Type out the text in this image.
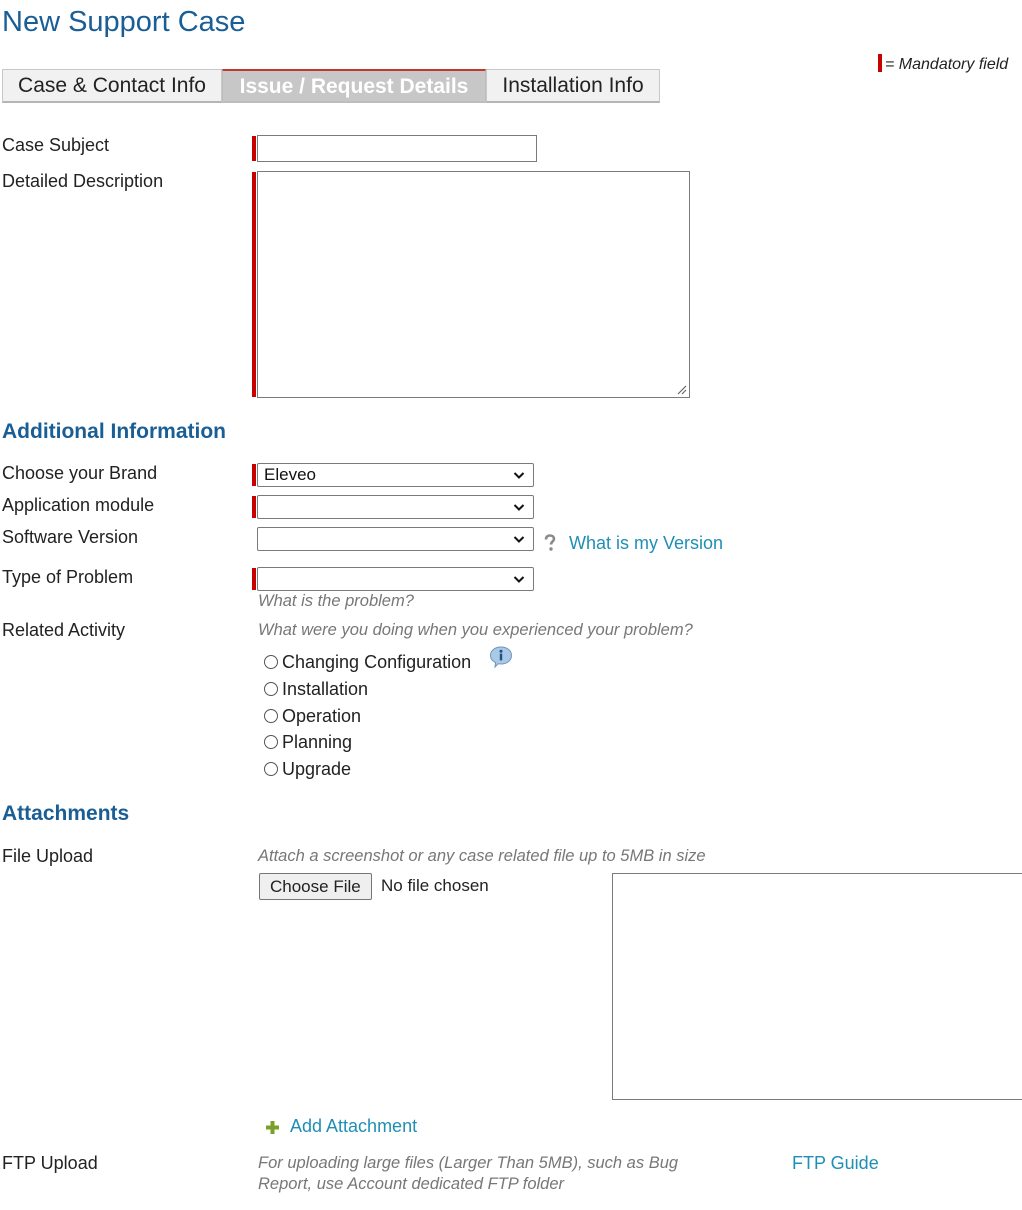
New Support Case
= Mandatory field
Case & Contact Info	Issue / Request Details	Installation Info
Case Subject
Detailed Description
Additional Information
Choose your Brand	Eleveo
Application module
Software Version	What is my Version
Type of Problem
What is the problem?
Related Activity	What were you doing when you experienced your problem?
Changing Configuration
Installation
Operation
Planning
Upgrade
Attachments
File Upload	Attach a screenshot or any case related file up to 5MB in size
Choose File	No file chosen
Add Attachment
FTP Upload	For uploading large files (Larger Than 5MB), such as Bug
Report, use Account dedicated FTP folder
FTP Guide
